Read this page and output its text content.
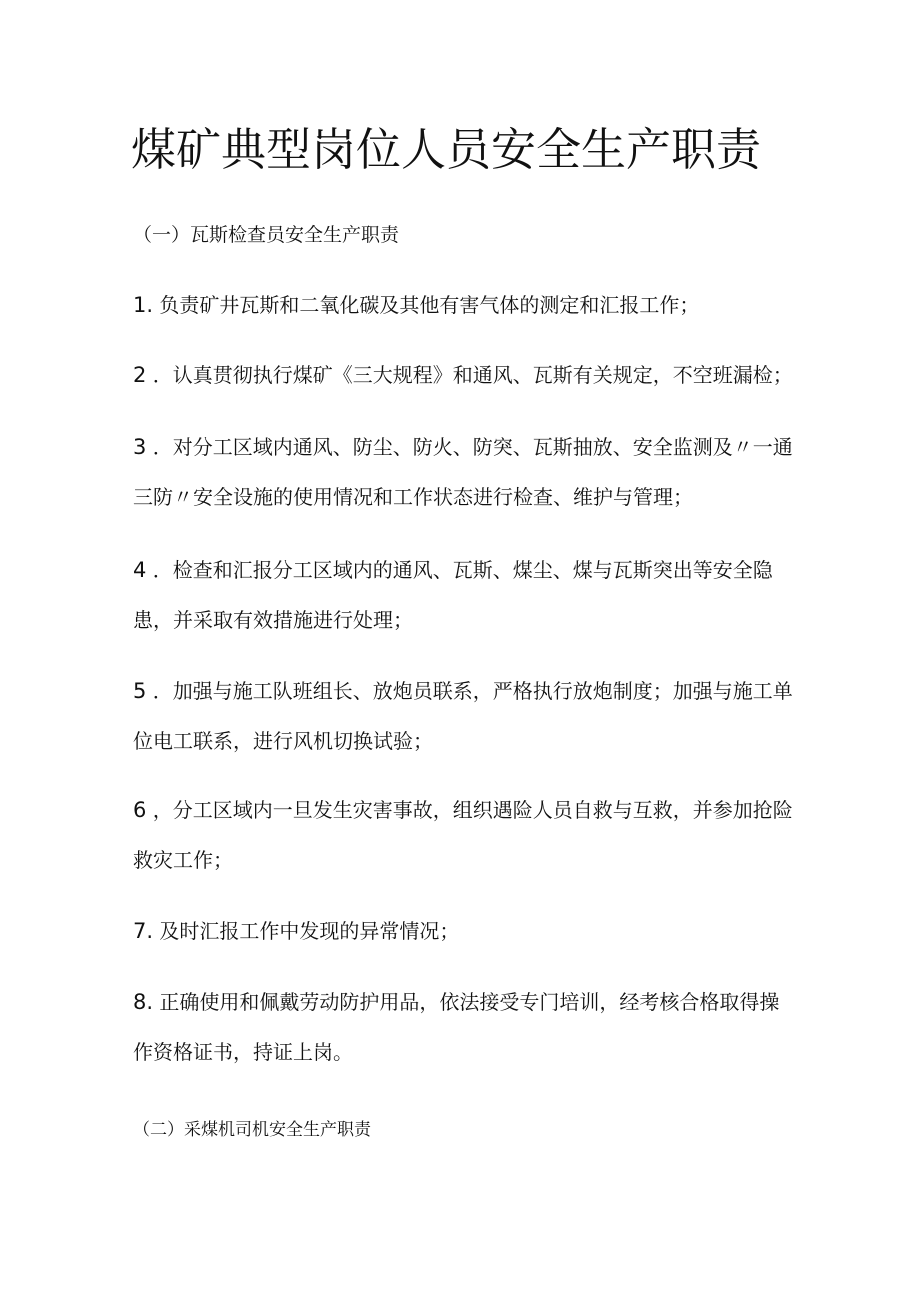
煤矿典型岗位人员安全生产职责

（一）瓦斯检查员安全生产职责

1. 负责矿井瓦斯和二氧化碳及其他有害气体的测定和汇报工作；

2 ．认真贯彻执行煤矿《三大规程》和通风、瓦斯有关规定，不空班漏检；

3 ．对分工区域内通风、防尘、防火、防突、瓦斯抽放、安全监测及〃一通三防〃安全设施的使用情况和工作状态进行检查、维护与管理；

4 ．检查和汇报分工区域内的通风、瓦斯、煤尘、煤与瓦斯突出等安全隐患，并采取有效措施进行处理；

5 ．加强与施工队班组长、放炮员联系，严格执行放炮制度；加强与施工单位电工联系，进行风机切换试验；

6 ，分工区域内一旦发生灾害事故，组织遇险人员自救与互救，并参加抢险救灾工作；

7. 及时汇报工作中发现的异常情况；

8. 正确使用和佩戴劳动防护用品，依法接受专门培训，经考核合格取得操作资格证书，持证上岗。

（二）采煤机司机安全生产职责
